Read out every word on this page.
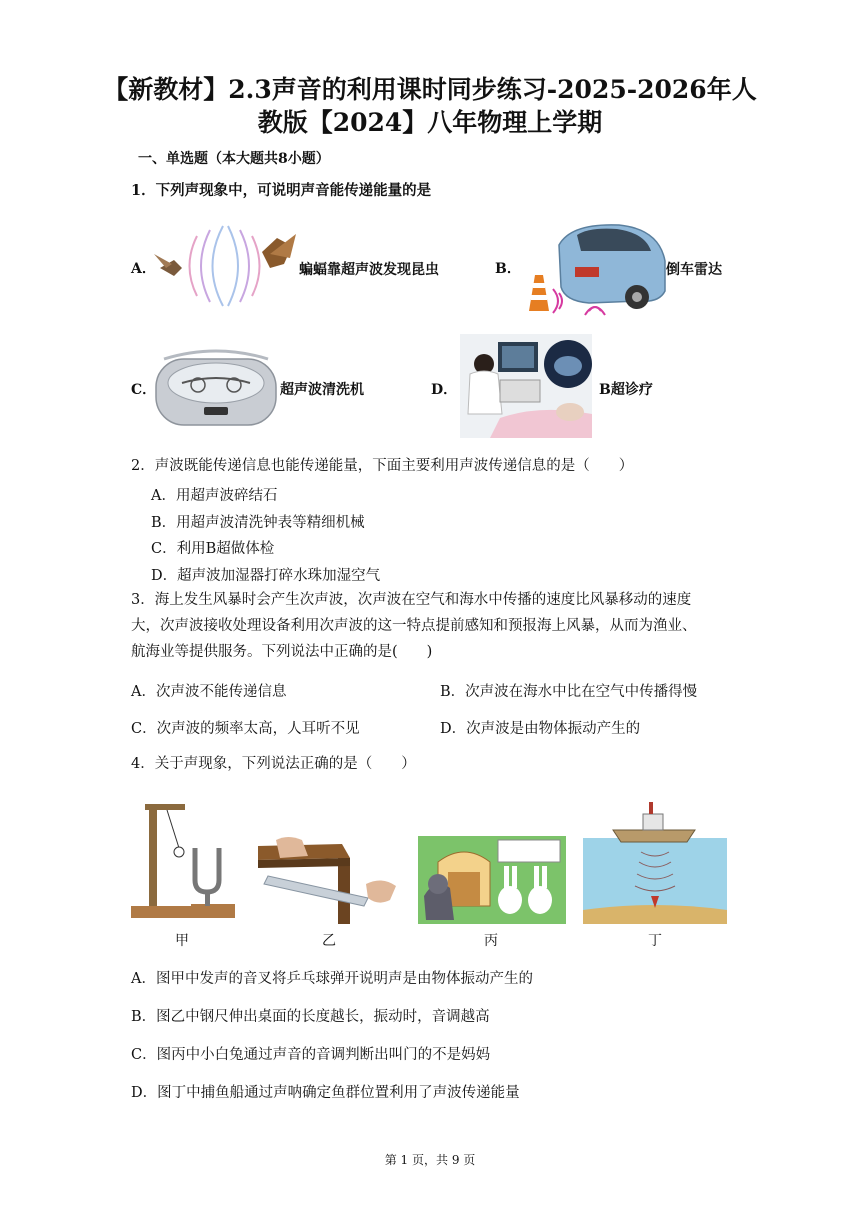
【新教材】2.3声音的利用课时同步练习-2025-2026年人
教版【2024】八年物理上学期
一、单选题（本大题共8小题）
1．下列声现象中，可说明声音能传递能量的是
A．	蝙蝠靠超声波发现昆虫	B．	倒车雷达
C．	超声波清洗机	D．	B超诊疗
2．声波既能传递信息也能传递能量，下面主要利用声波传递信息的是（　　）
A．用超声波碎结石
B．用超声波清洗钟表等精细机械
C．利用B超做体检
D．超声波加湿器打碎水珠加湿空气
3．海上发生风暴时会产生次声波，次声波在空气和海水中传播的速度比风暴移动的速度
大，次声波接收处理设备利用次声波的这一特点提前感知和预报海上风暴，从而为渔业、
航海业等提供服务。下列说法中正确的是(　　)
A．次声波不能传递信息	B．次声波在海水中比在空气中传播得慢
C．次声波的频率太高，人耳听不见	D．次声波是由物体振动产生的
4．关于声现象，下列说法正确的是（　　）
甲	乙	丙	丁
A．图甲中发声的音叉将乒乓球弹开说明声是由物体振动产生的
B．图乙中钢尺伸出桌面的长度越长，振动时，音调越高
C．图丙中小白兔通过声音的音调判断出叫门的不是妈妈
D．图丁中捕鱼船通过声呐确定鱼群位置利用了声波传递能量
第 1 页，共 9 页
